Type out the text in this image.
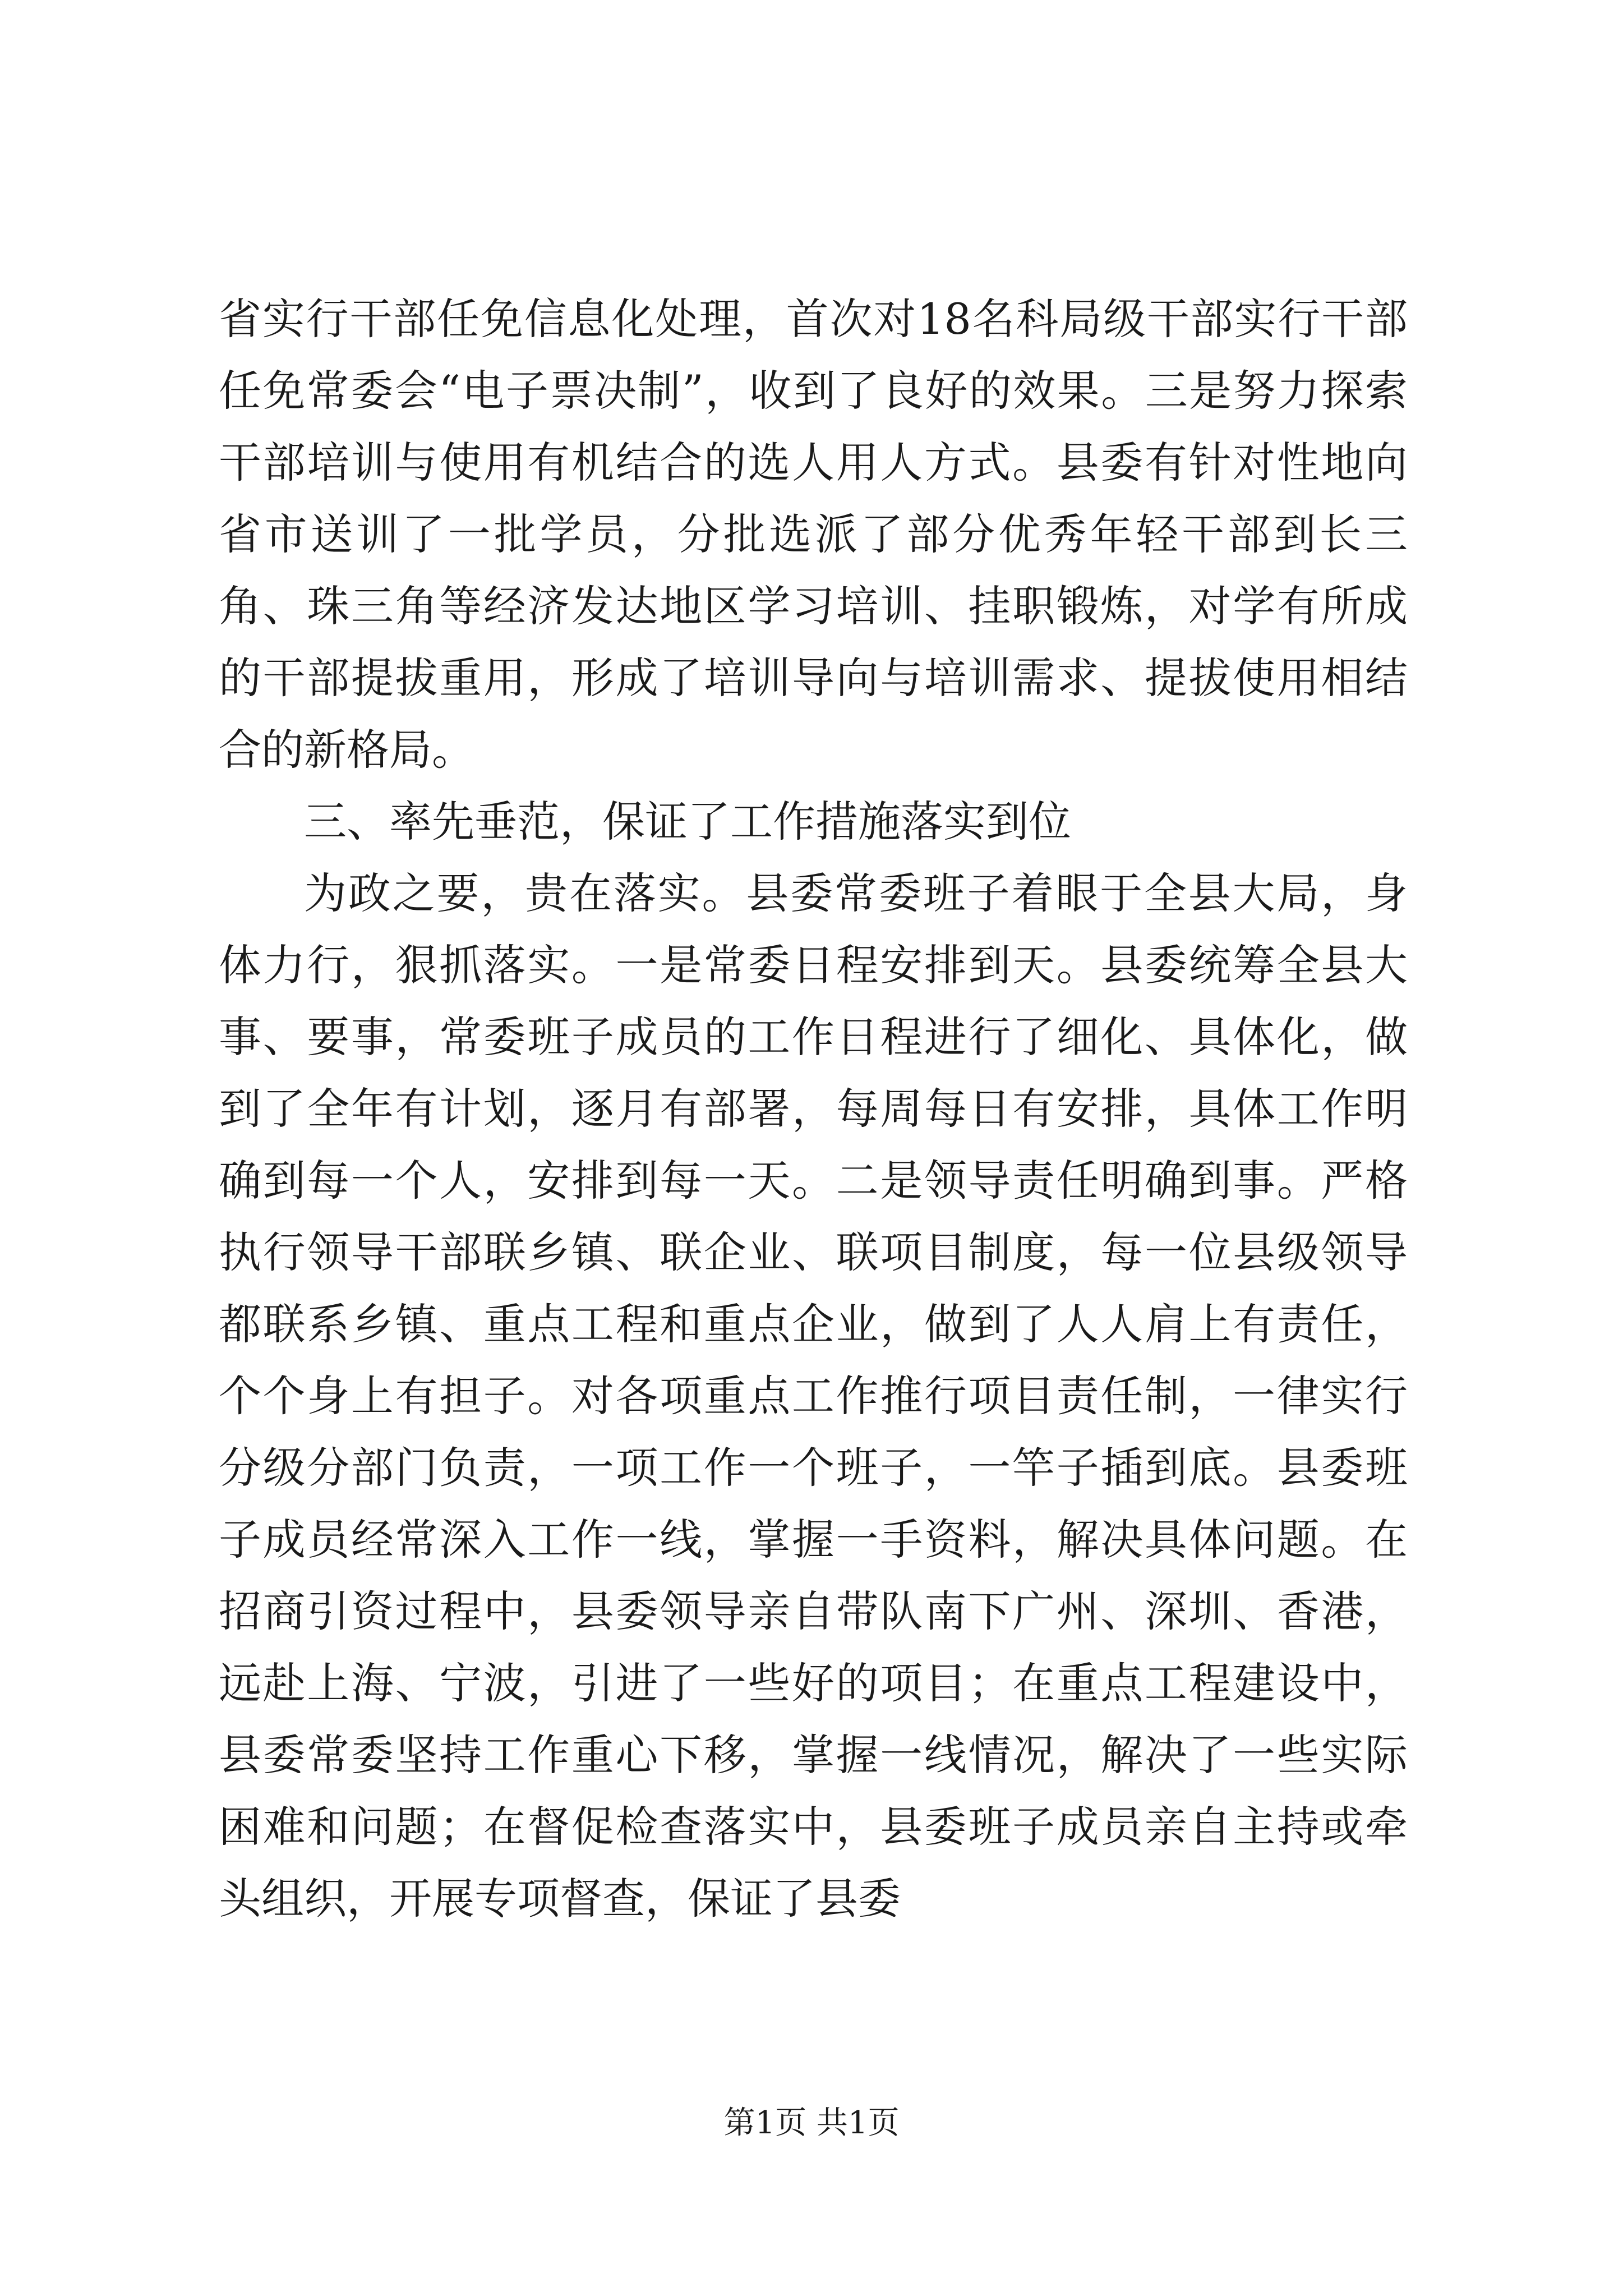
省实行干部任免信息化处理，首次对18名科局级干部实行干部任免常委会“电子票决制”，收到了良好的效果。三是努力探索干部培训与使用有机结合的选人用人方式。县委有针对性地向省市送训了一批学员，分批选派了部分优秀年轻干部到长三角、珠三角等经济发达地区学习培训、挂职锻炼，对学有所成的干部提拔重用，形成了培训导向与培训需求、提拔使用相结合的新格局。

三、率先垂范，保证了工作措施落实到位

为政之要，贵在落实。县委常委班子着眼于全县大局，身体力行，狠抓落实。一是常委日程安排到天。县委统筹全县大事、要事，常委班子成员的工作日程进行了细化、具体化，做到了全年有计划，逐月有部署，每周每日有安排，具体工作明确到每一个人，安排到每一天。二是领导责任明确到事。严格执行领导干部联乡镇、联企业、联项目制度，每一位县级领导都联系乡镇、重点工程和重点企业，做到了人人肩上有责任，个个身上有担子。对各项重点工作推行项目责任制，一律实行分级分部门负责，一项工作一个班子，一竿子插到底。县委班子成员经常深入工作一线，掌握一手资料，解决具体问题。在招商引资过程中，县委领导亲自带队南下广州、深圳、香港，远赴上海、宁波，引进了一些好的项目；在重点工程建设中，县委常委坚持工作重心下移，掌握一线情况，解决了一些实际困难和问题；在督促检查落实中，县委班子成员亲自主持或牵头组织，开展专项督查，保证了县委

第1页 共1页
